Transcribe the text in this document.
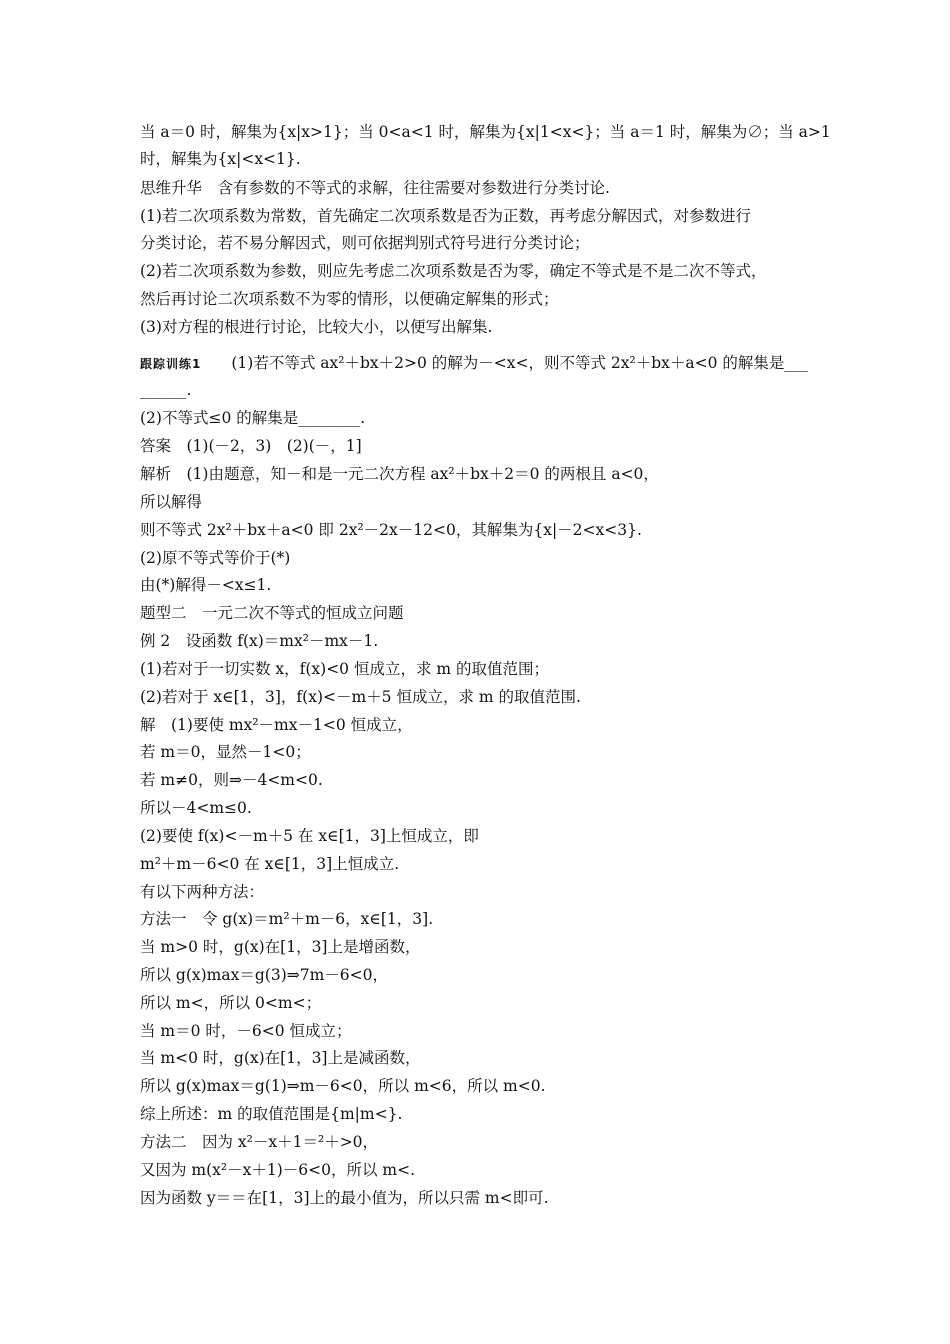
当 a＝0 时，解集为{x|x>1}；当 0<a<1 时，解集为{x|1<x<}；当 a＝1 时，解集为∅；当 a>1
时，解集为{x|<x<1}.
思维升华　含有参数的不等式的求解，往往需要对参数进行分类讨论.
(1)若二次项系数为常数，首先确定二次项系数是否为正数，再考虑分解因式，对参数进行
分类讨论，若不易分解因式，则可依据判别式符号进行分类讨论；
(2)若二次项系数为参数，则应先考虑二次项系数是否为零，确定不等式是不是二次不等式，
然后再讨论二次项系数不为零的情形，以便确定解集的形式；
(3)对方程的根进行讨论，比较大小，以便写出解集.
跟踪训练1 (1)若不等式 ax²＋bx＋2>0 的解为－<x<，则不等式 2x²＋bx＋a<0 的解集是___
______.
(2)不等式≤0 的解集是________.
答案　(1)(－2，3)　(2)(－，1]
解析　(1)由题意，知－和是一元二次方程 ax²＋bx＋2＝0 的两根且 a<0，
所以解得
则不等式 2x²＋bx＋a<0 即 2x²－2x－12<0，其解集为{x|－2<x<3}.
(2)原不等式等价于(*)
由(*)解得－<x≤1.
题型二　一元二次不等式的恒成立问题
例 2　设函数 f(x)＝mx²－mx－1.
(1)若对于一切实数 x，f(x)<0 恒成立，求 m 的取值范围；
(2)若对于 x∈[1，3]，f(x)<－m＋5 恒成立，求 m 的取值范围.
解　(1)要使 mx²－mx－1<0 恒成立，
若 m＝0，显然－1<0；
若 m≠0，则⇒－4<m<0.
所以－4<m≤0.
(2)要使 f(x)<－m＋5 在 x∈[1，3]上恒成立，即
m²＋m－6<0 在 x∈[1，3]上恒成立.
有以下两种方法：
方法一　令 g(x)＝m²＋m－6，x∈[1，3].
当 m>0 时，g(x)在[1，3]上是增函数，
所以 g(x)max＝g(3)⇒7m－6<0，
所以 m<，所以 0<m<；
当 m＝0 时，－6<0 恒成立；
当 m<0 时，g(x)在[1，3]上是减函数，
所以 g(x)max＝g(1)⇒m－6<0，所以 m<6，所以 m<0.
综上所述：m 的取值范围是{m|m<}.
方法二　因为 x²－x＋1＝²＋>0，
又因为 m(x²－x＋1)－6<0，所以 m<.
因为函数 y＝＝在[1，3]上的最小值为，所以只需 m<即可.
